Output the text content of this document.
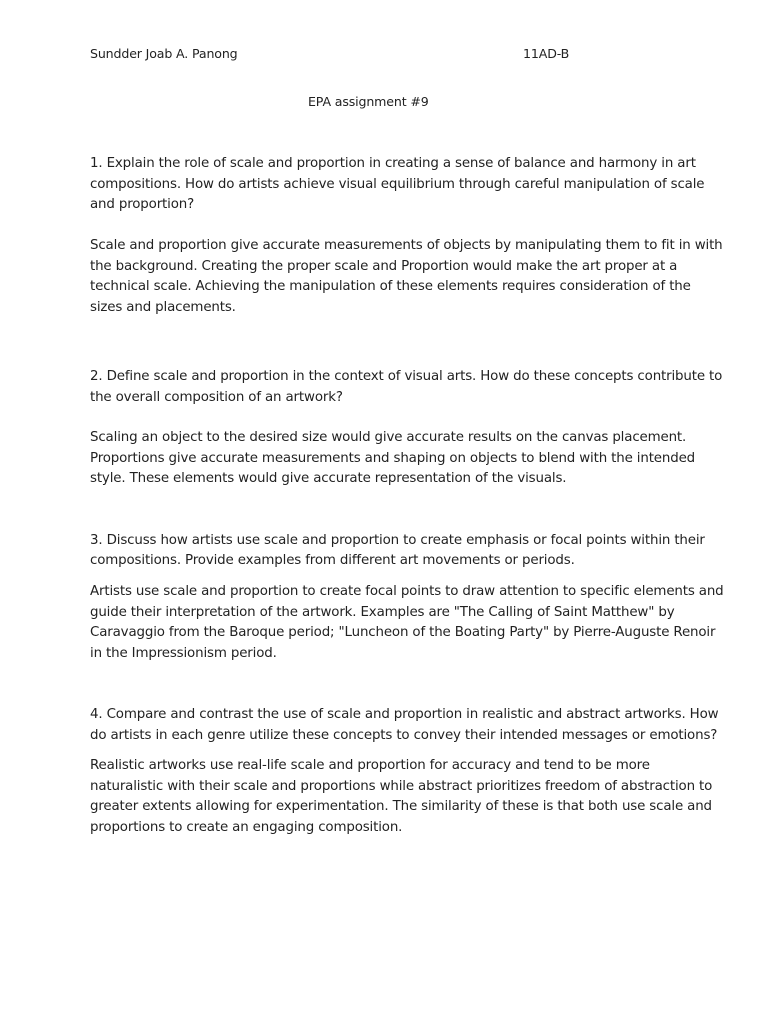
Sundder Joab A. Panong	11AD-B
EPA assignment #9
1. Explain the role of scale and proportion in creating a sense of balance and harmony in art
compositions. How do artists achieve visual equilibrium through careful manipulation of scale
and proportion?
Scale and proportion give accurate measurements of objects by manipulating them to fit in with
the background. Creating the proper scale and Proportion would make the art proper at a
technical scale. Achieving the manipulation of these elements requires consideration of the
sizes and placements.
2. Define scale and proportion in the context of visual arts. How do these concepts contribute to
the overall composition of an artwork?
Scaling an object to the desired size would give accurate results on the canvas placement.
Proportions give accurate measurements and shaping on objects to blend with the intended
style. These elements would give accurate representation of the visuals.
3. Discuss how artists use scale and proportion to create emphasis or focal points within their
compositions. Provide examples from different art movements or periods.
Artists use scale and proportion to create focal points to draw attention to specific elements and
guide their interpretation of the artwork. Examples are "The Calling of Saint Matthew" by
Caravaggio from the Baroque period; "Luncheon of the Boating Party" by Pierre-Auguste Renoir
in the Impressionism period.
4. Compare and contrast the use of scale and proportion in realistic and abstract artworks. How
do artists in each genre utilize these concepts to convey their intended messages or emotions?
Realistic artworks use real-life scale and proportion for accuracy and tend to be more
naturalistic with their scale and proportions while abstract prioritizes freedom of abstraction to
greater extents allowing for experimentation. The similarity of these is that both use scale and
proportions to create an engaging composition.
